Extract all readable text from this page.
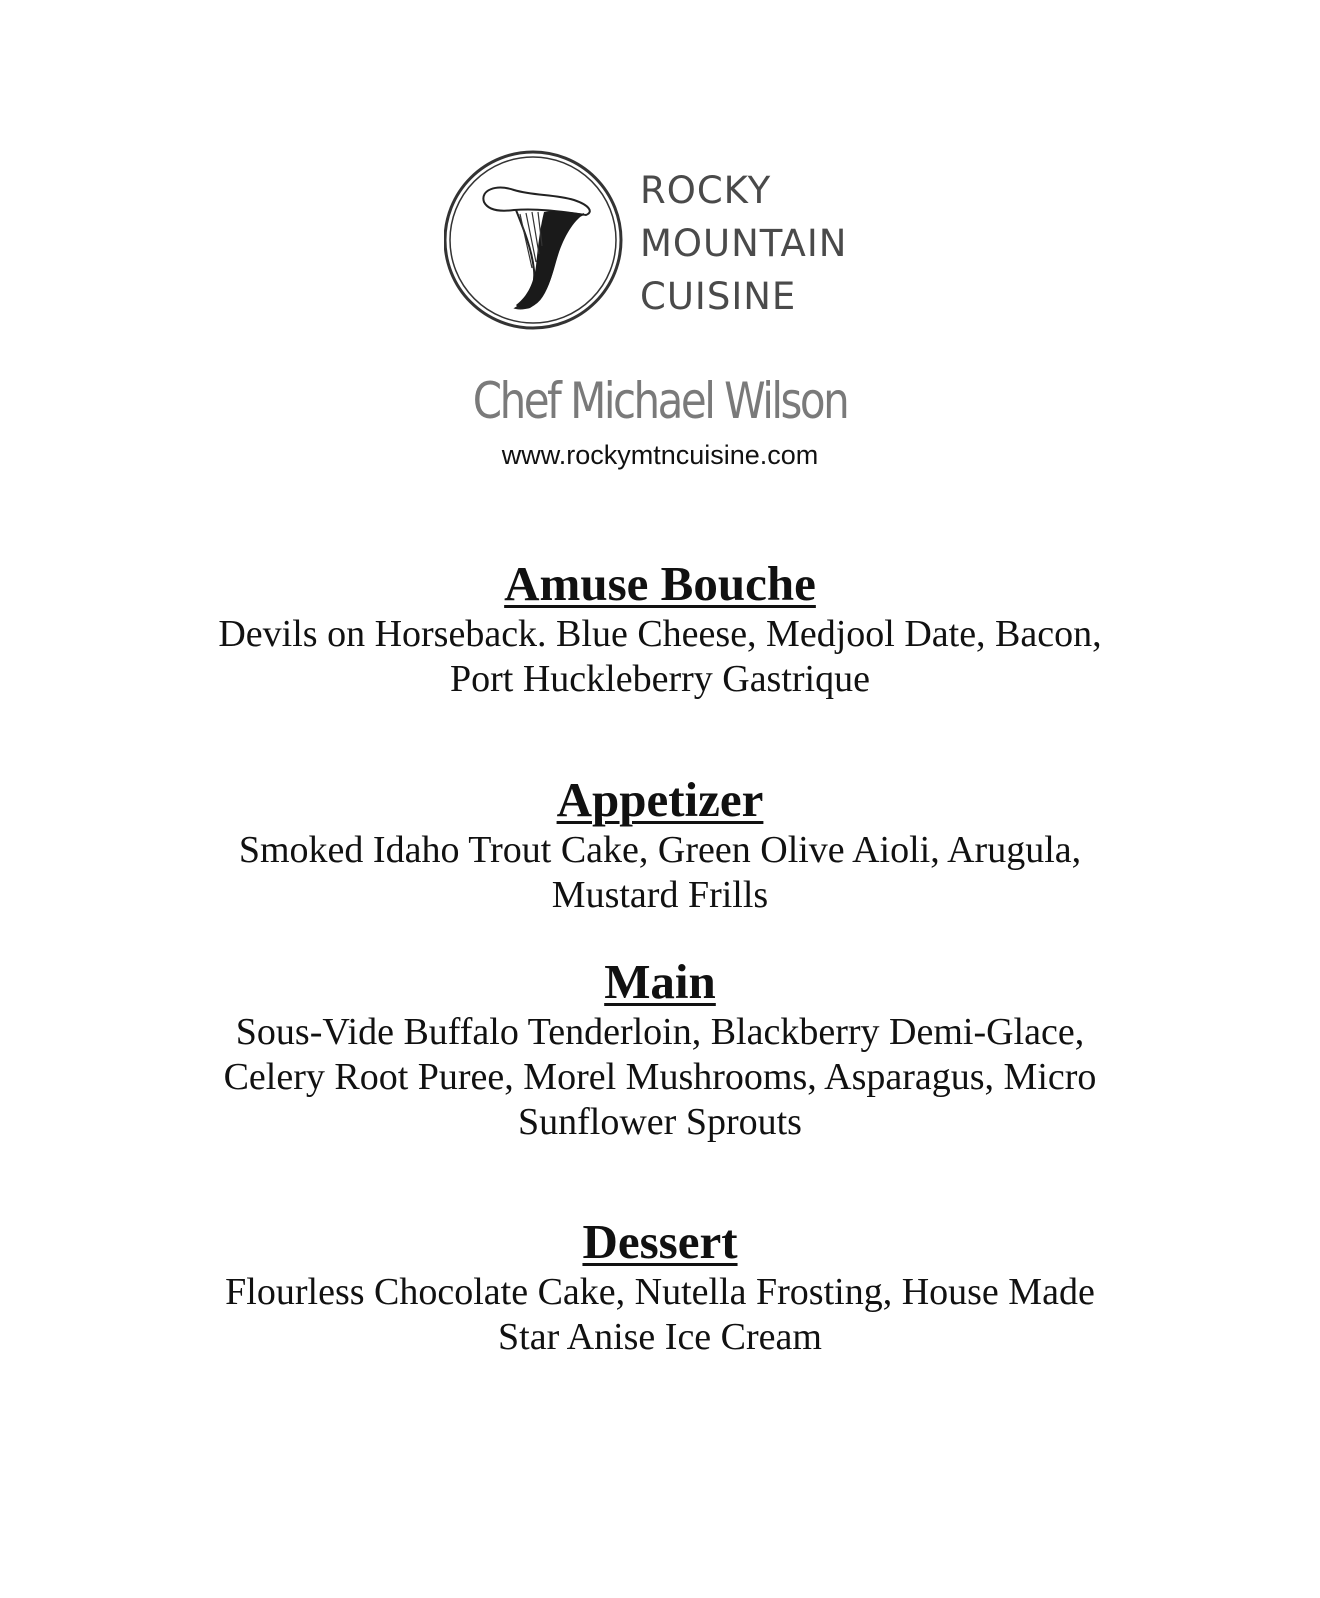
ROCKY
MOUNTAIN
CUISINE
Chef Michael Wilson
www.rockymtncuisine.com
Amuse Bouche

Devils on Horseback. Blue Cheese, Medjool Date, Bacon,
Port Huckleberry Gastrique

Appetizer

Smoked Idaho Trout Cake, Green Olive Aioli, Arugula,
Mustard Frills

Main

Sous-Vide Buffalo Tenderloin, Blackberry Demi-Glace,
Celery Root Puree, Morel Mushrooms, Asparagus, Micro
Sunflower Sprouts

Dessert

Flourless Chocolate Cake, Nutella Frosting, House Made
Star Anise Ice Cream
